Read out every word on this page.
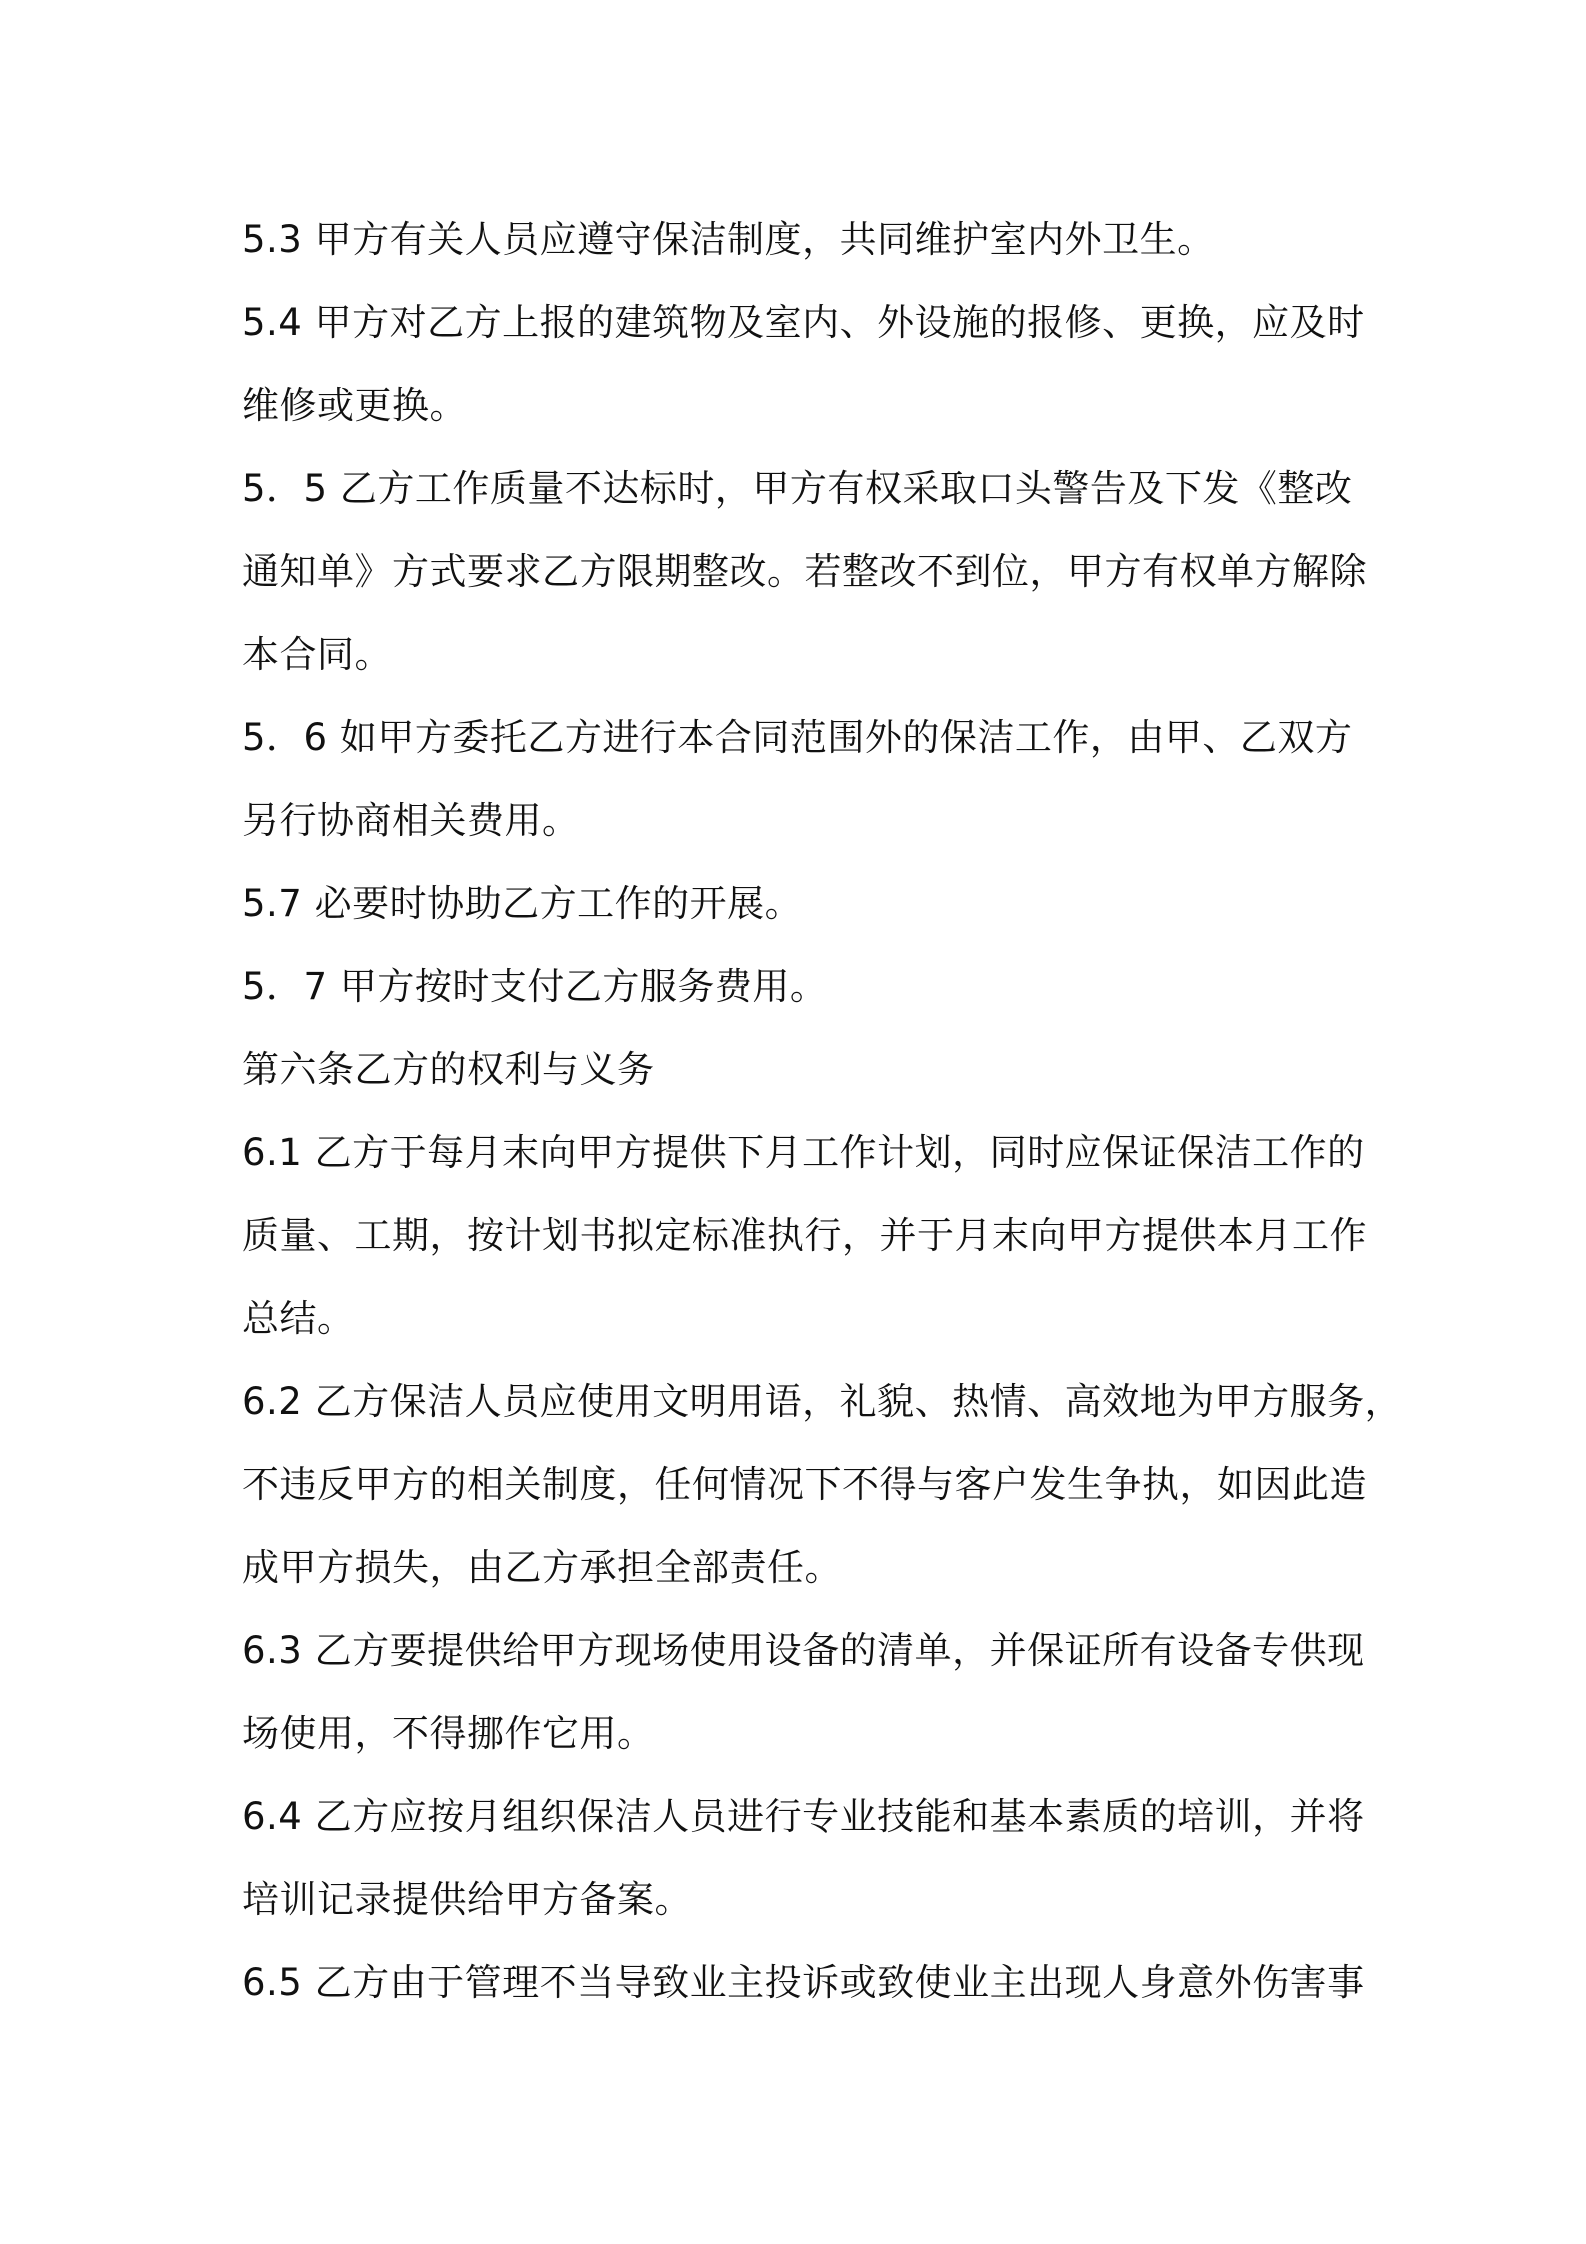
5.3 甲方有关人员应遵守保洁制度，共同维护室内外卫生。

5.4 甲方对乙方上报的建筑物及室内、外设施的报修、更换，应及时

维修或更换。

5．5 乙方工作质量不达标时，甲方有权采取口头警告及下发《整改

通知单》方式要求乙方限期整改。若整改不到位，甲方有权单方解除

本合同。

5．6 如甲方委托乙方进行本合同范围外的保洁工作，由甲、乙双方

另行协商相关费用。

5.7 必要时协助乙方工作的开展。

5．7 甲方按时支付乙方服务费用。

第六条乙方的权利与义务

6.1 乙方于每月末向甲方提供下月工作计划，同时应保证保洁工作的

质量、工期，按计划书拟定标准执行，并于月末向甲方提供本月工作

总结。

6.2 乙方保洁人员应使用文明用语，礼貌、热情、高效地为甲方服务，

不违反甲方的相关制度，任何情况下不得与客户发生争执，如因此造

成甲方损失，由乙方承担全部责任。

6.3 乙方要提供给甲方现场使用设备的清单，并保证所有设备专供现

场使用，不得挪作它用。

6.4 乙方应按月组织保洁人员进行专业技能和基本素质的培训，并将

培训记录提供给甲方备案。

6.5 乙方由于管理不当导致业主投诉或致使业主出现人身意外伤害事
